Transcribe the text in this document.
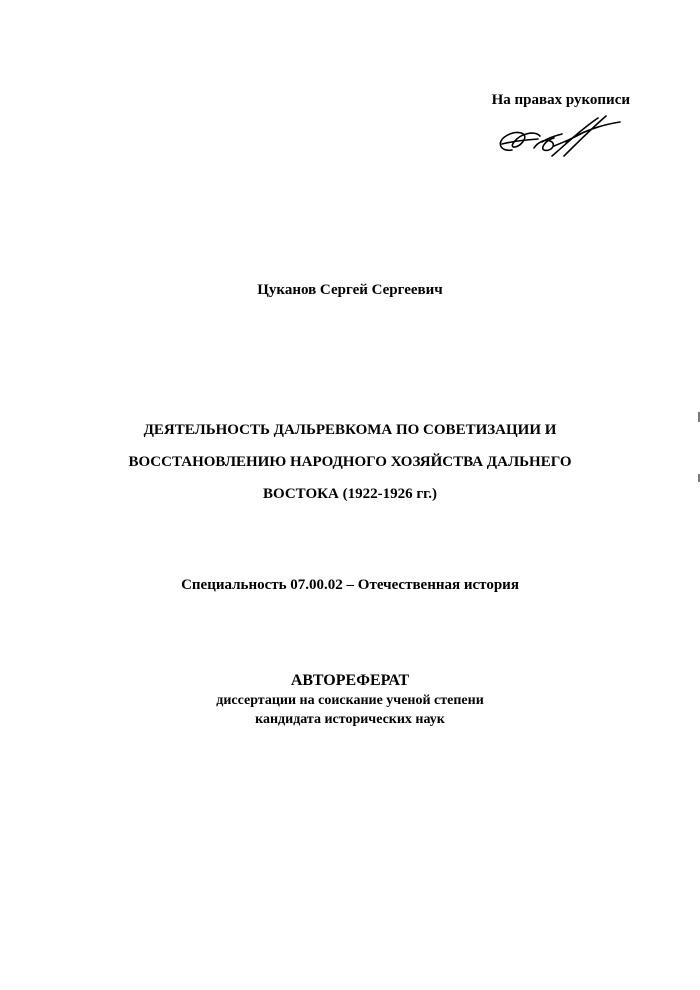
На правах рукописи
Цуканов Сергей Сергеевич
ДЕЯТЕЛЬНОСТЬ ДАЛЬРЕВКОМА ПО СОВЕТИЗАЦИИ И
ВОССТАНОВЛЕНИЮ НАРОДНОГО ХОЗЯЙСТВА ДАЛЬНЕГО
ВОСТОКА (1922-1926 гг.)
Специальность 07.00.02 – Отечественная история
АВТОРЕФЕРАТ
диссертации на соискание ученой степени
кандидата исторических наук
